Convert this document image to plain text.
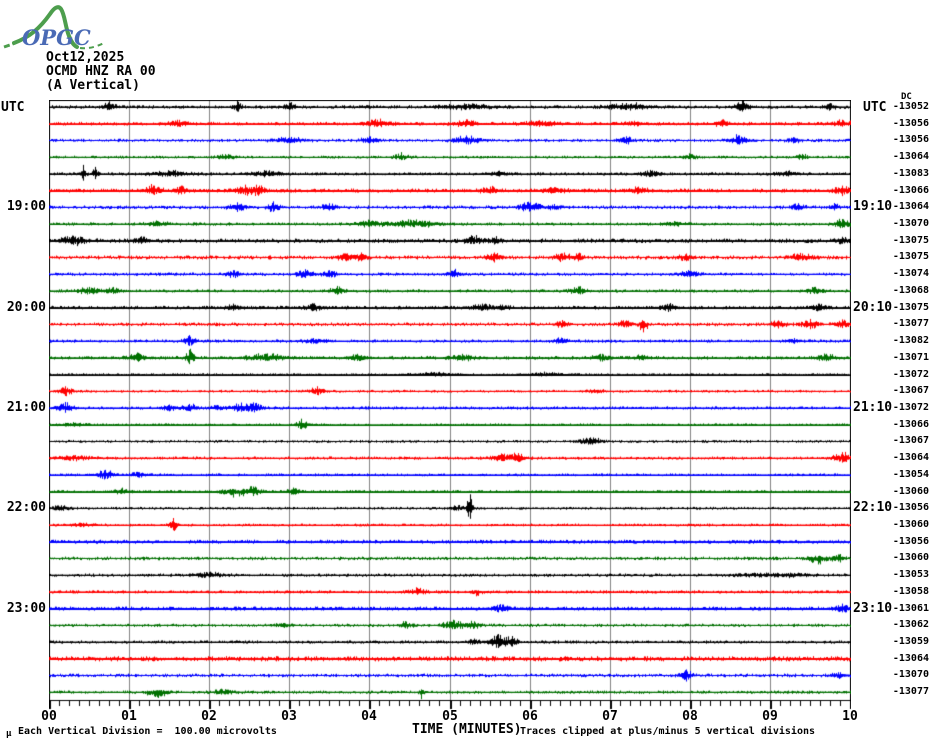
OPGC
Oct12,2025
OCMD HNZ RA 00
(A Vertical)
UTC	UTC
DC
19:00
20:00
21:00
22:00
23:00
19:10
20:10
21:10
22:10
23:10
-13052
-13056
-13056
-13064
-13083
-13066
-13064
-13070
-13075
-13075
-13074
-13068
-13075
-13077
-13082
-13071
-13072
-13067
-13072
-13066
-13067
-13064
-13054
-13060
-13056
-13060
-13056
-13060
-13053
-13058
-13061
-13062
-13059
-13064
-13070
-13077
00	01	02	03	04	05	06	07	08	09	10
TIME (MINUTES)
μ Each Vertical Division =  100.00 microvolts	Traces clipped at plus/minus 5 vertical divisions
